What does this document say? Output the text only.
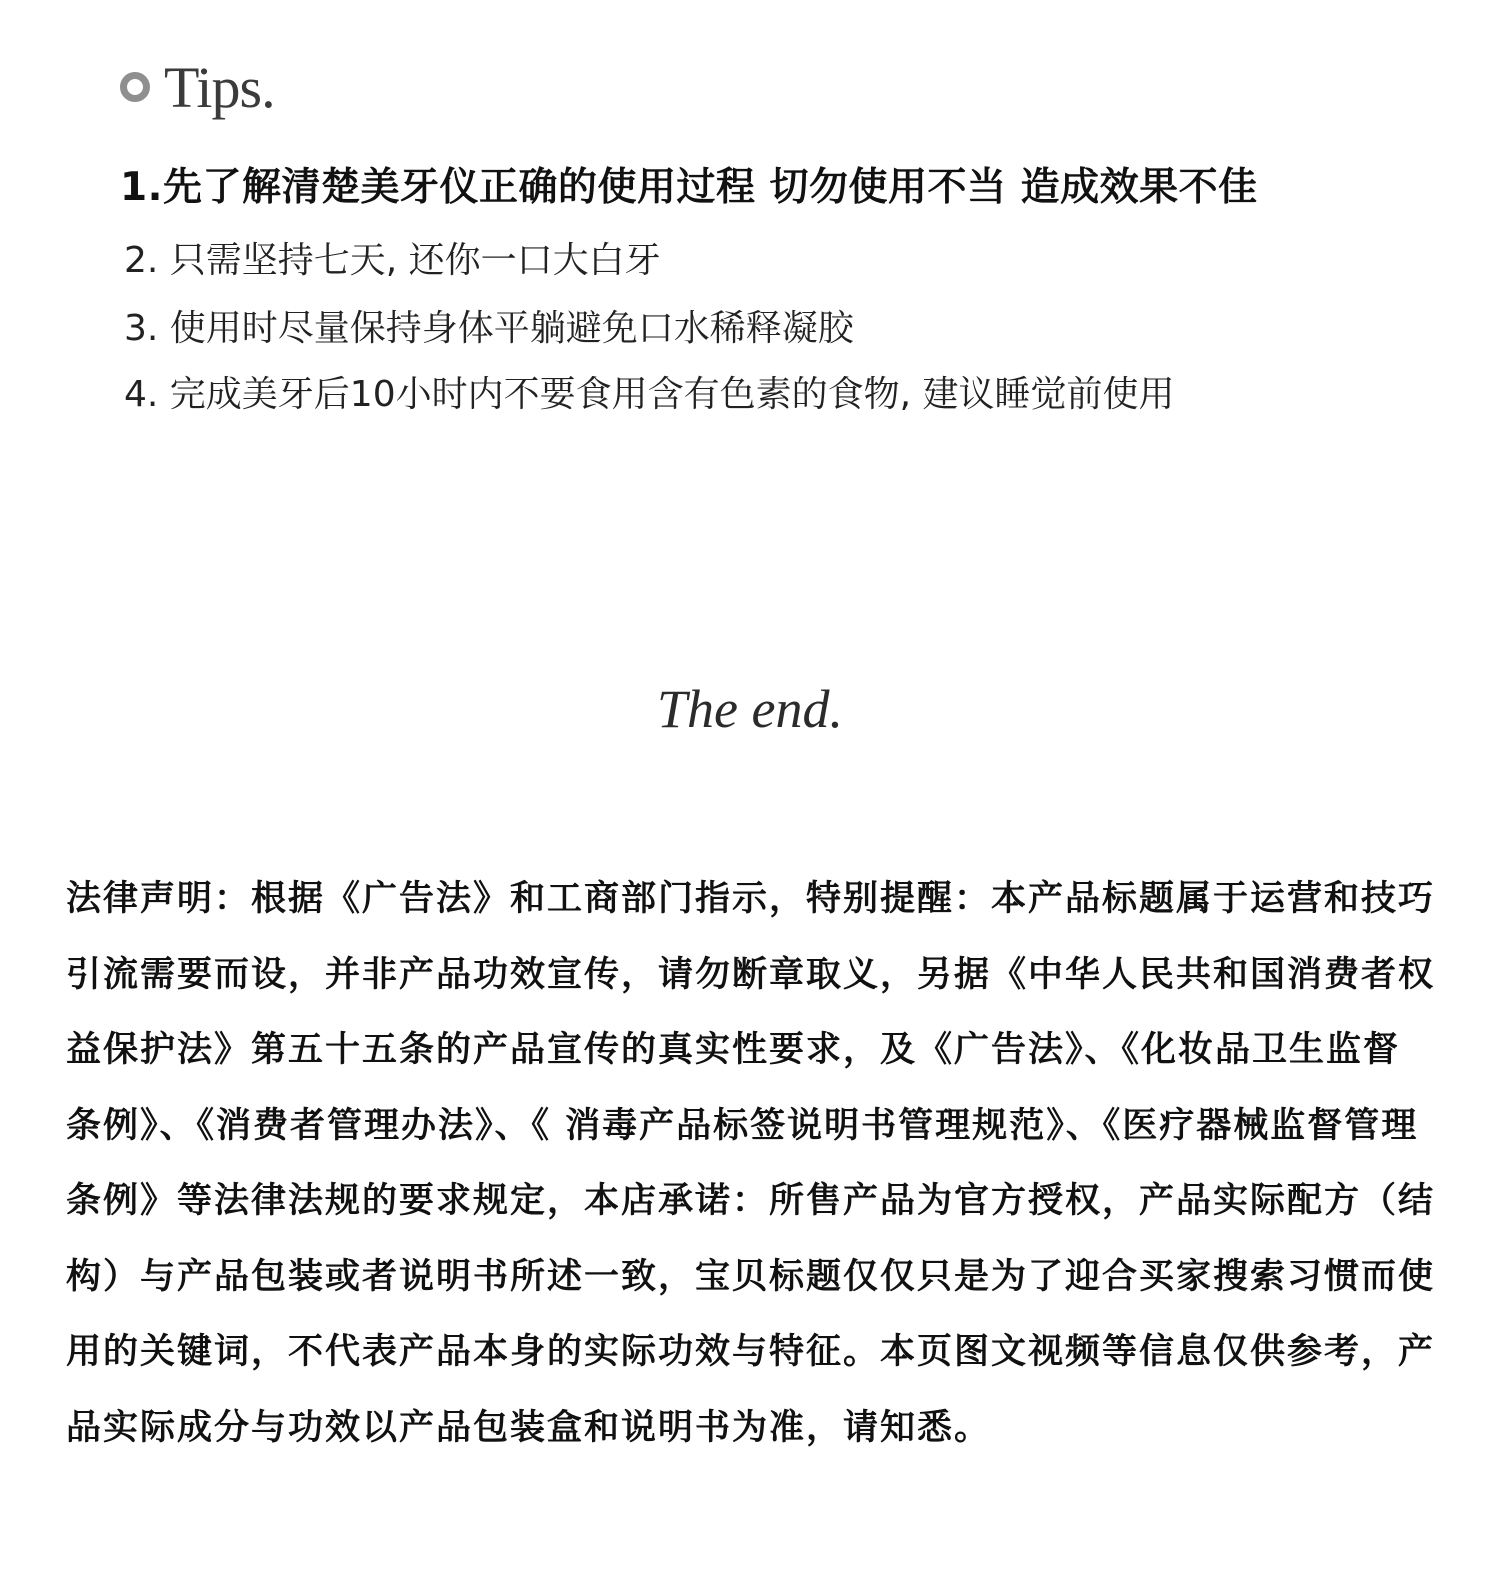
Tips.
1.先了解清楚美牙仪正确的使用过程 切勿使用不当 造成效果不佳
2. 只需坚持七天, 还你一口大白牙
3. 使用时尽量保持身体平躺避免口水稀释凝胶
4. 完成美牙后10小时内不要食用含有色素的食物, 建议睡觉前使用
The end.

法律声明：根据《广告法》和工商部门指示，特别提醒：本产品标题属于运营和技巧引流需要而设，并非产品功效宣传，请勿断章取义，另据《中华人民共和国消费者权益保护法》第五十五条的产品宣传的真实性要求，及《广告法》、《化妆品卫生监督条例》、《消费者管理办法》、《 消毒产品标签说明书管理规范》、《医疗器械监督管理条例》等法律法规的要求规定，本店承诺：所售产品为官方授权，产品实际配方（结构）与产品包装或者说明书所述一致，宝贝标题仅仅只是为了迎合买家搜索习惯而使用的关键词，不代表产品本身的实际功效与特征。本页图文视频等信息仅供参考，产品实际成分与功效以产品包装盒和说明书为准，请知悉。
